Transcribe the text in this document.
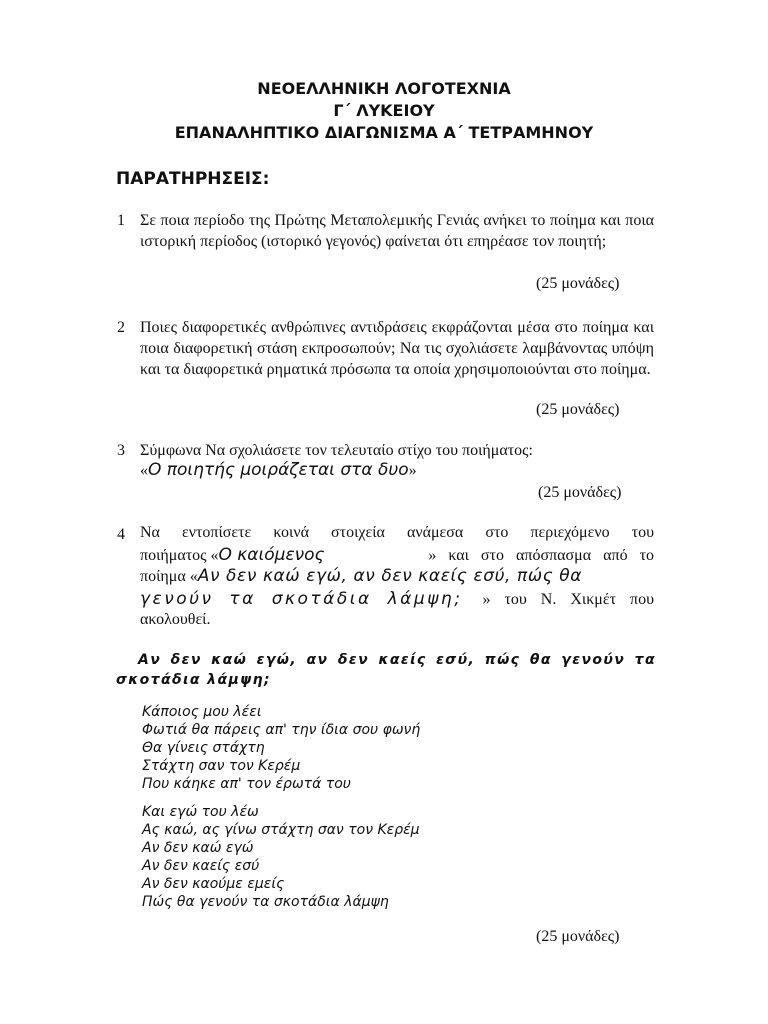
ΝΕΟΕΛΛΗΝΙΚΗ ΛΟΓΟΤΕΧΝΙΑ
Γ΄ ΛΥΚΕΙΟΥ
ΕΠΑΝΑΛΗΠΤΙΚΟ ΔΙΑΓΩΝΙΣΜΑ Α΄ ΤΕΤΡΑΜΗΝΟΥ
ΠΑΡΑΤΗΡΗΣΕΙΣ:
1 Σε ποια περίοδο της Πρώτης Μεταπολεμικής Γενιάς ανήκει το ποίημα και ποια ιστορική περίοδος (ιστορικό γεγονός) φαίνεται ότι επηρέασε τον ποιητή;
(25 μονάδες)
2 Ποιες διαφορετικές ανθρώπινες αντιδράσεις εκφράζονται μέσα στο ποίημα και ποια διαφορετική στάση εκπροσωπούν; Να τις σχολιάσετε λαμβάνοντας υπόψη και τα διαφορετικά ρηματικά πρόσωπα τα οποία χρησιμοποιούνται στο ποίημα.
(25 μονάδες)
3 Σύμφωνα Να σχολιάσετε τον τελευταίο στίχο του ποιήματος:
«Ο ποιητής μοιράζεται στα δυο»
(25 μονάδες)
4 Να εντοπίσετε κοινά στοιχεία ανάμεσα στο περιεχόμενο του
ποιήματος «Ο καιόμενος	» και στο απόσπασμα από το
ποίημα «Αν δεν καώ εγώ, αν δεν καείς εσύ, πώς θα
γενούν τα σκοτάδια λάμψη; » του Ν. Χικμέτ που
ακολουθεί.
Αν δεν καώ εγώ, αν δεν καείς εσύ, πώς θα γενούν τα
σκοτάδια λάμψη;
Κάποιος μου λέει
Φωτιά θα πάρεις απ' την ίδια σου φωνή
Θα γίνεις στάχτη
Στάχτη σαν τον Κερέμ
Που κάηκε απ' τον έρωτά του
Και εγώ του λέω
Ας καώ, ας γίνω στάχτη σαν τον Κερέμ
Αν δεν καώ εγώ
Αν δεν καείς εσύ
Αν δεν καούμε εμείς
Πώς θα γενούν τα σκοτάδια λάμψη
(25 μονάδες)
